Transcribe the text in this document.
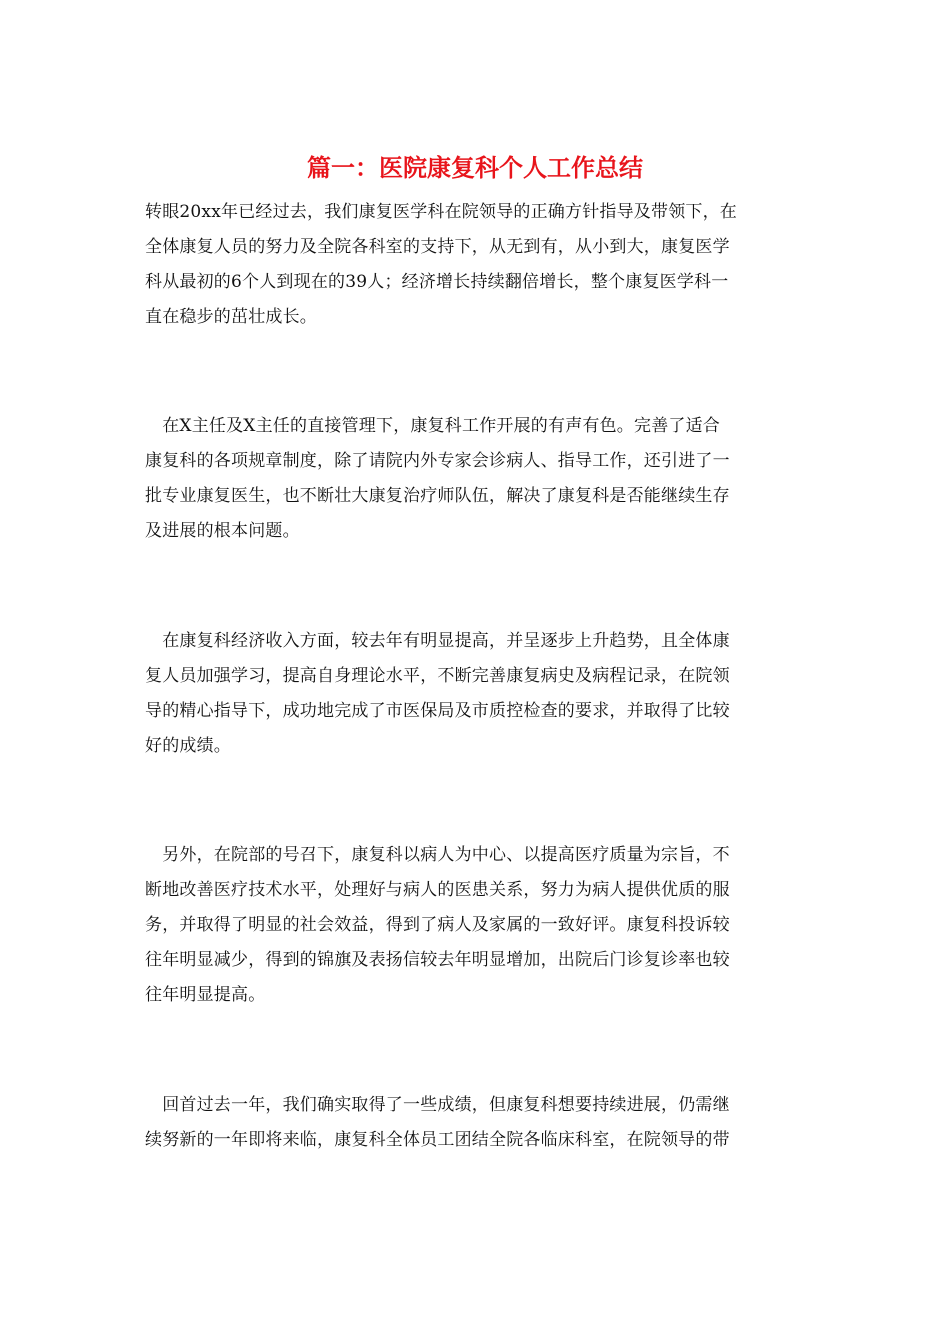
篇一：医院康复科个人工作总结

转眼20xx年已经过去，我们康复医学科在院领导的正确方针指导及带领下，在
全体康复人员的努力及全院各科室的支持下，从无到有，从小到大，康复医学
科从最初的6个人到现在的39人；经济增长持续翻倍增长，整个康复医学科一
直在稳步的茁壮成长。

　在X主任及X主任的直接管理下，康复科工作开展的有声有色。完善了适合
康复科的各项规章制度，除了请院内外专家会诊病人、指导工作，还引进了一
批专业康复医生，也不断壮大康复治疗师队伍，解决了康复科是否能继续生存
及进展的根本问题。

　在康复科经济收入方面，较去年有明显提高，并呈逐步上升趋势，且全体康
复人员加强学习，提高自身理论水平，不断完善康复病史及病程记录，在院领
导的精心指导下，成功地完成了市医保局及市质控检查的要求，并取得了比较
好的成绩。

　另外，在院部的号召下，康复科以病人为中心、以提高医疗质量为宗旨，不
断地改善医疗技术水平，处理好与病人的医患关系，努力为病人提供优质的服
务，并取得了明显的社会效益，得到了病人及家属的一致好评。康复科投诉较
往年明显减少，得到的锦旗及表扬信较去年明显增加，出院后门诊复诊率也较
往年明显提高。

　回首过去一年，我们确实取得了一些成绩，但康复科想要持续进展，仍需继
续努新的一年即将来临，康复科全体员工团结全院各临床科室，在院领导的带
